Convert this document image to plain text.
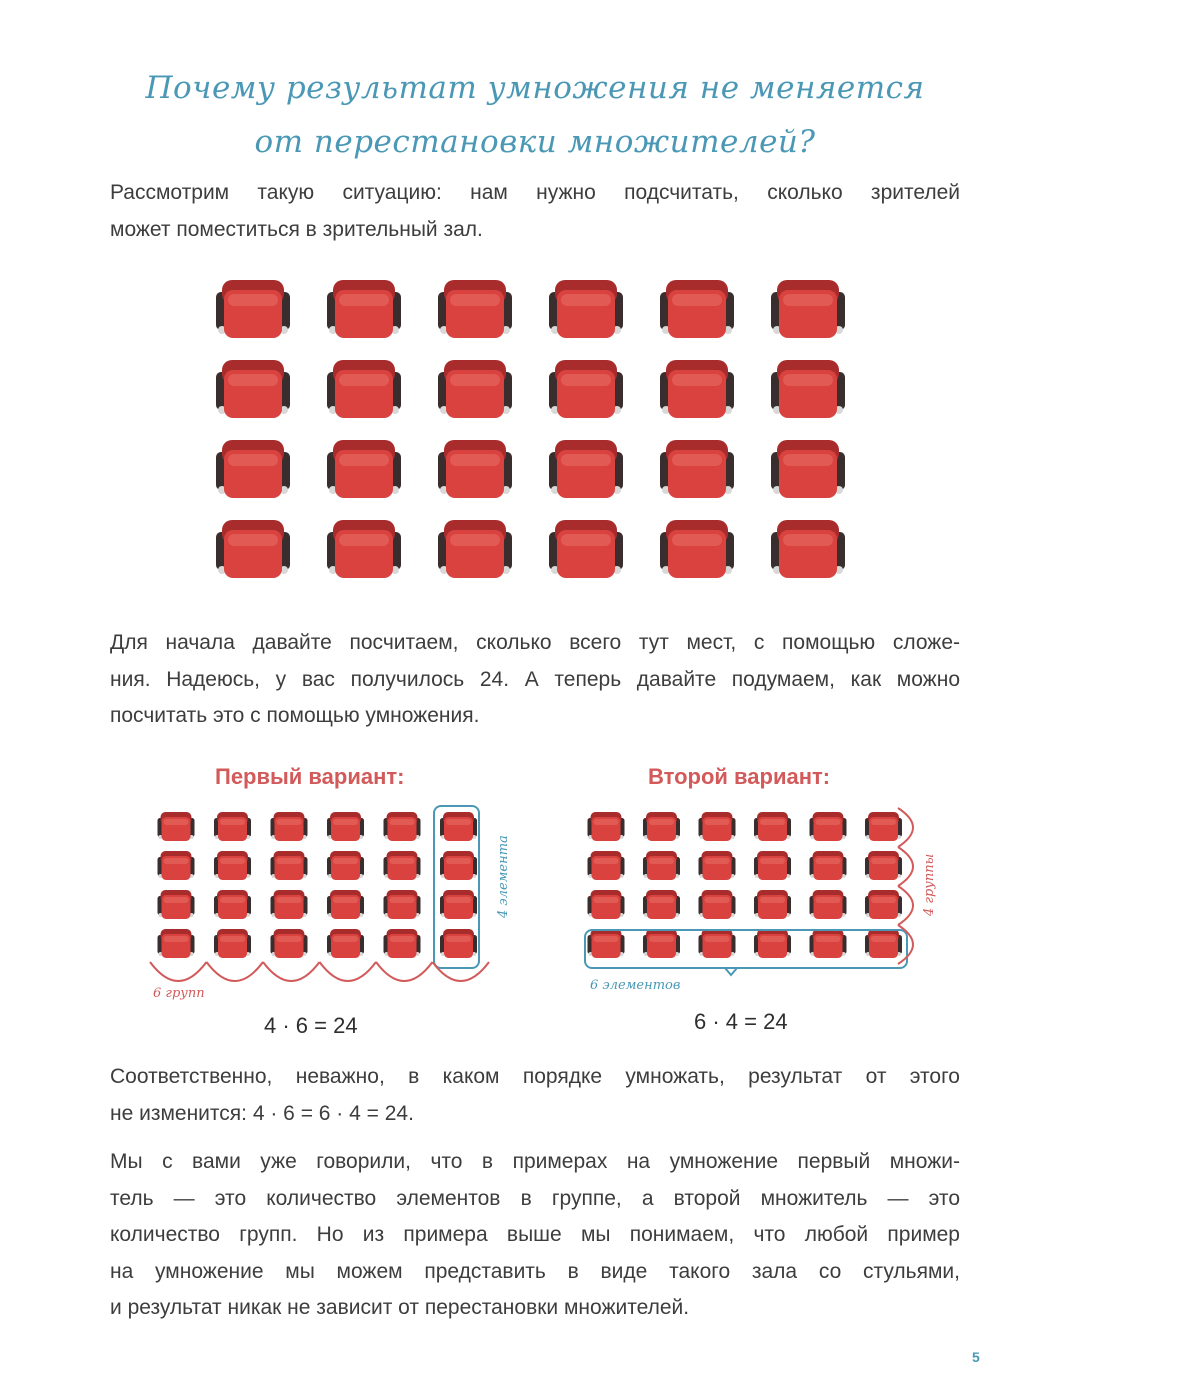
Почему результат умножения не меняется
от перестановки множителей?

Рассмотрим такую ситуацию: нам нужно подсчитать, сколько зрителей
может поместиться в зрительный зал.

Для начала давайте посчитаем, сколько всего тут мест, с помощью сложе-
ния. Надеюсь, у вас получилось 24. А теперь давайте подумаем, как можно
посчитать это с помощью умножения.

Первый вариант:	Второй вариант:
4 элемента
6 групп
6 элементов
4 группы
4 · 6 = 24	6 · 4 = 24

Соответственно, неважно, в каком порядке умножать, результат от этого
не изменится: 4 · 6 = 6 · 4 = 24.

Мы с вами уже говорили, что в примерах на умножение первый множи-
тель — это количество элементов в группе, а второй множитель — это
количество групп. Но из примера выше мы понимаем, что любой пример
на умножение мы можем представить в виде такого зала со стульями,
и результат никак не зависит от перестановки множителей.

5
